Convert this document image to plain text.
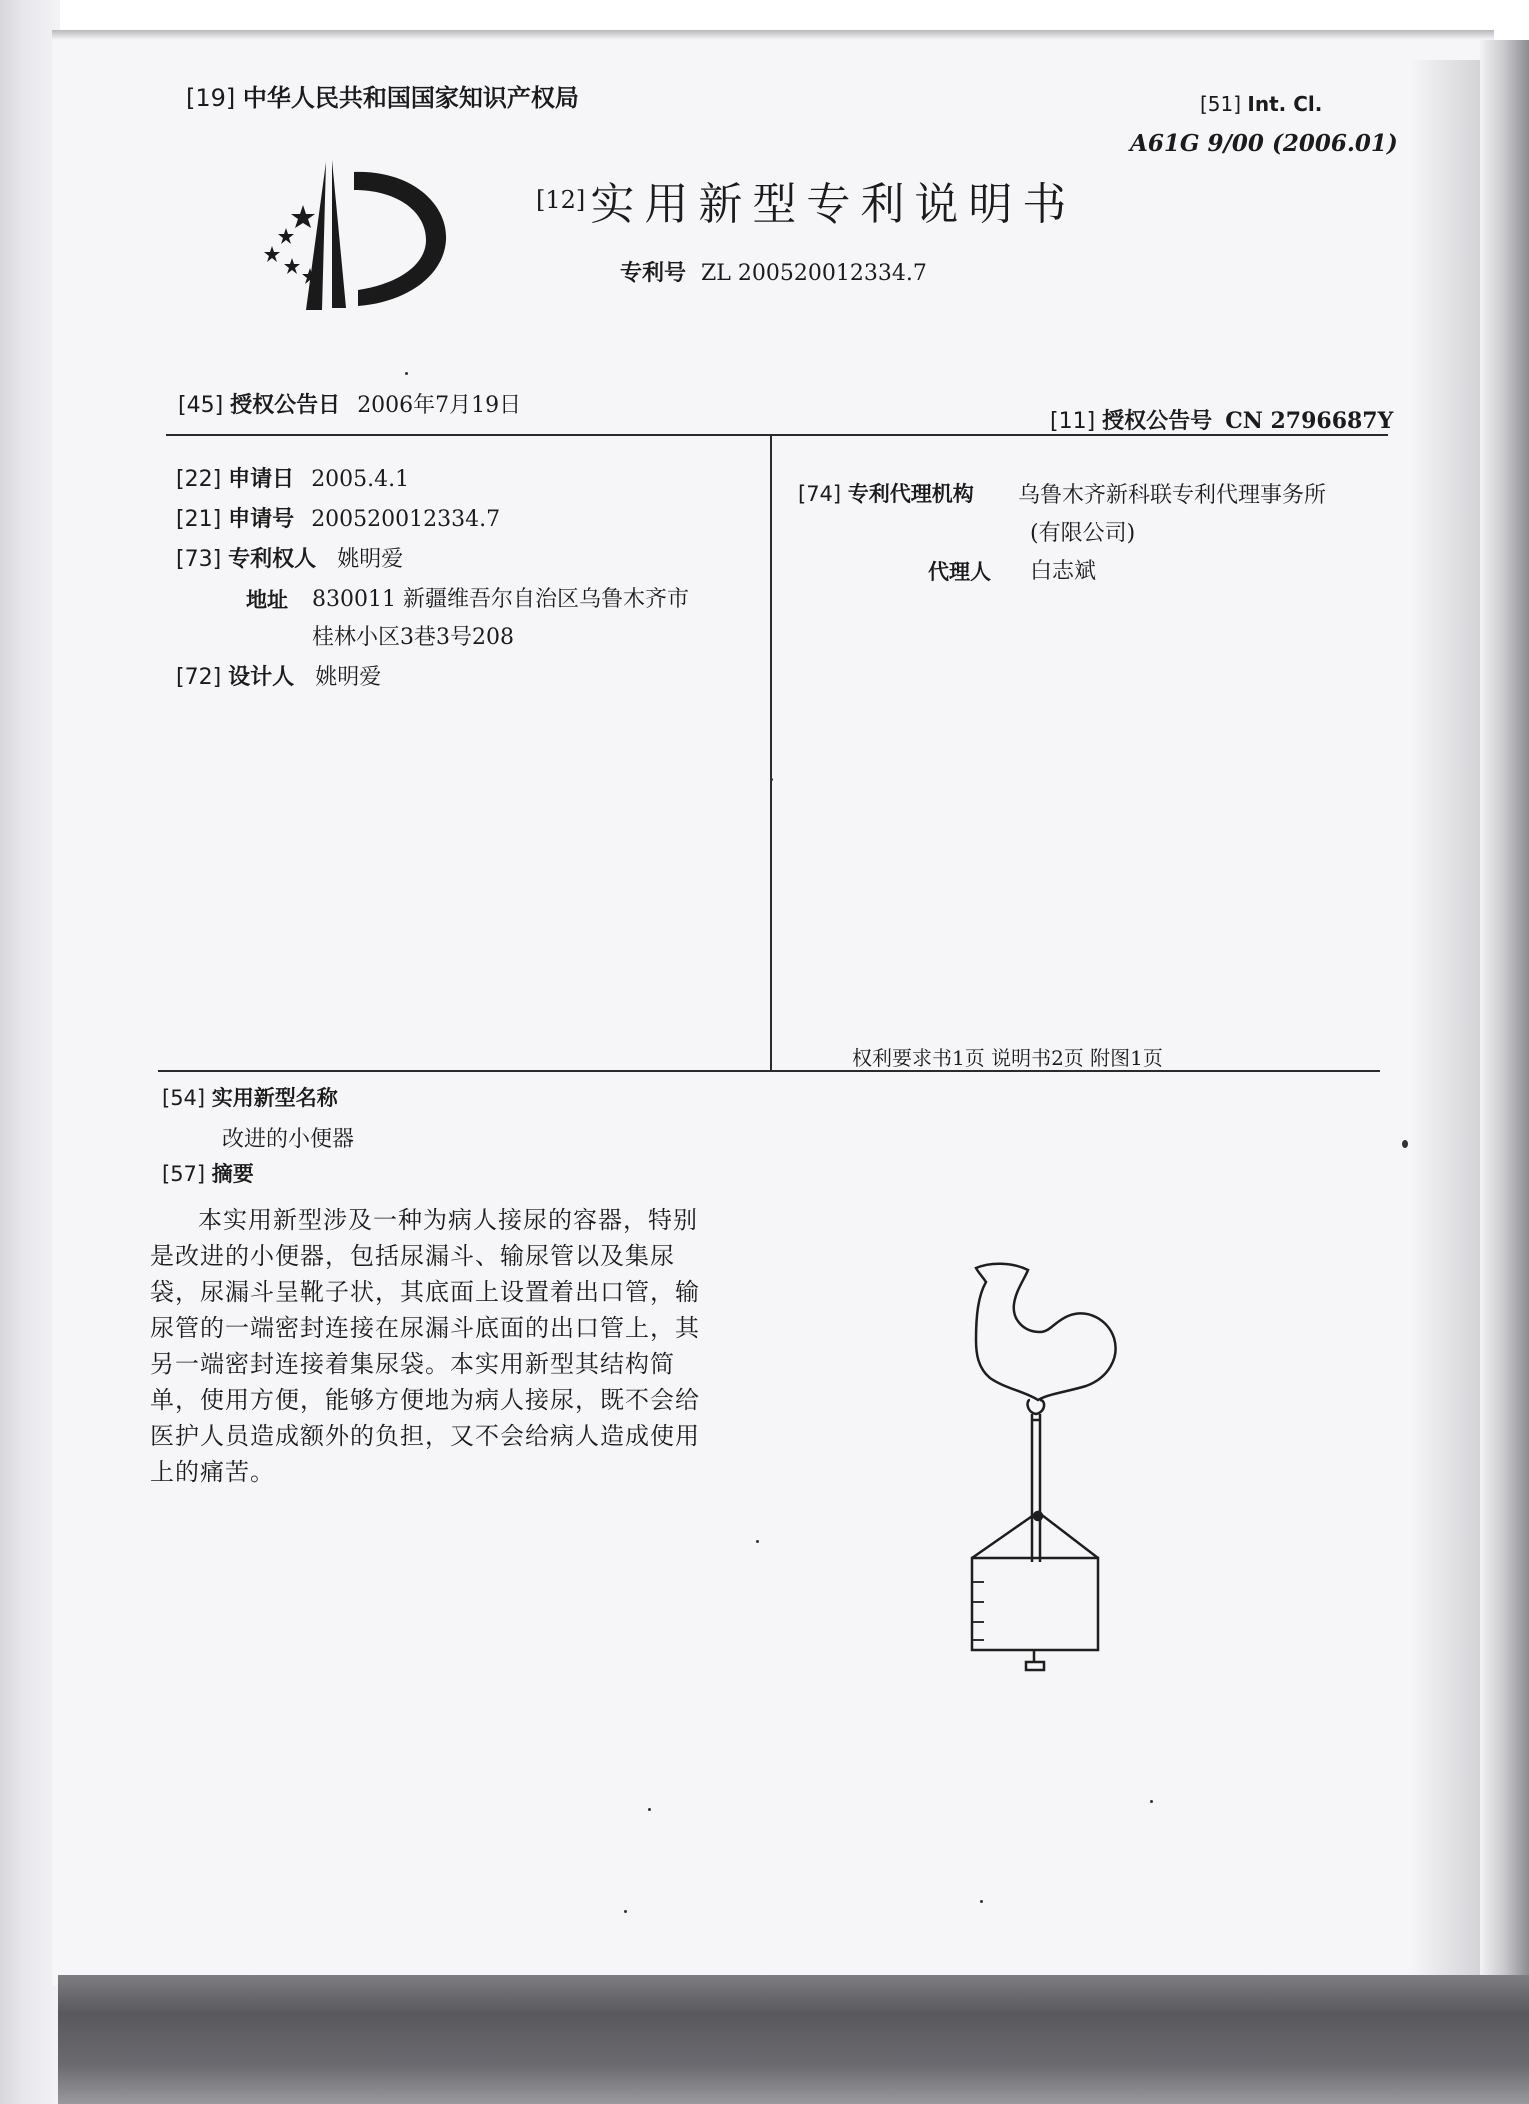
[19] 中华人民共和国国家知识产权局	[51] Int. Cl.
A61G 9/00 (2006.01)
[12] 实用新型专利说明书
专利号 ZL 200520012334.7
[45] 授权公告日 2006年7月19日
[11] 授权公告号 CN 2796687Y
[22] 申请日 2005.4.1
[21] 申请号 200520012334.7
[73] 专利权人 姚明爱
地址 830011 新疆维吾尔自治区乌鲁木齐市
桂林小区3巷3号208
[72] 设计人 姚明爱
[74] 专利代理机构 乌鲁木齐新科联专利代理事务所
(有限公司)
代理人 白志斌
权利要求书1页 说明书2页 附图1页
[54] 实用新型名称
改进的小便器
[57] 摘要
本实用新型涉及一种为病人接尿的容器，特别
是改进的小便器，包括尿漏斗、输尿管以及集尿
袋，尿漏斗呈靴子状，其底面上设置着出口管，输
尿管的一端密封连接在尿漏斗底面的出口管上，其
另一端密封连接着集尿袋。本实用新型其结构简
单，使用方便，能够方便地为病人接尿，既不会给
医护人员造成额外的负担，又不会给病人造成使用
上的痛苦。
